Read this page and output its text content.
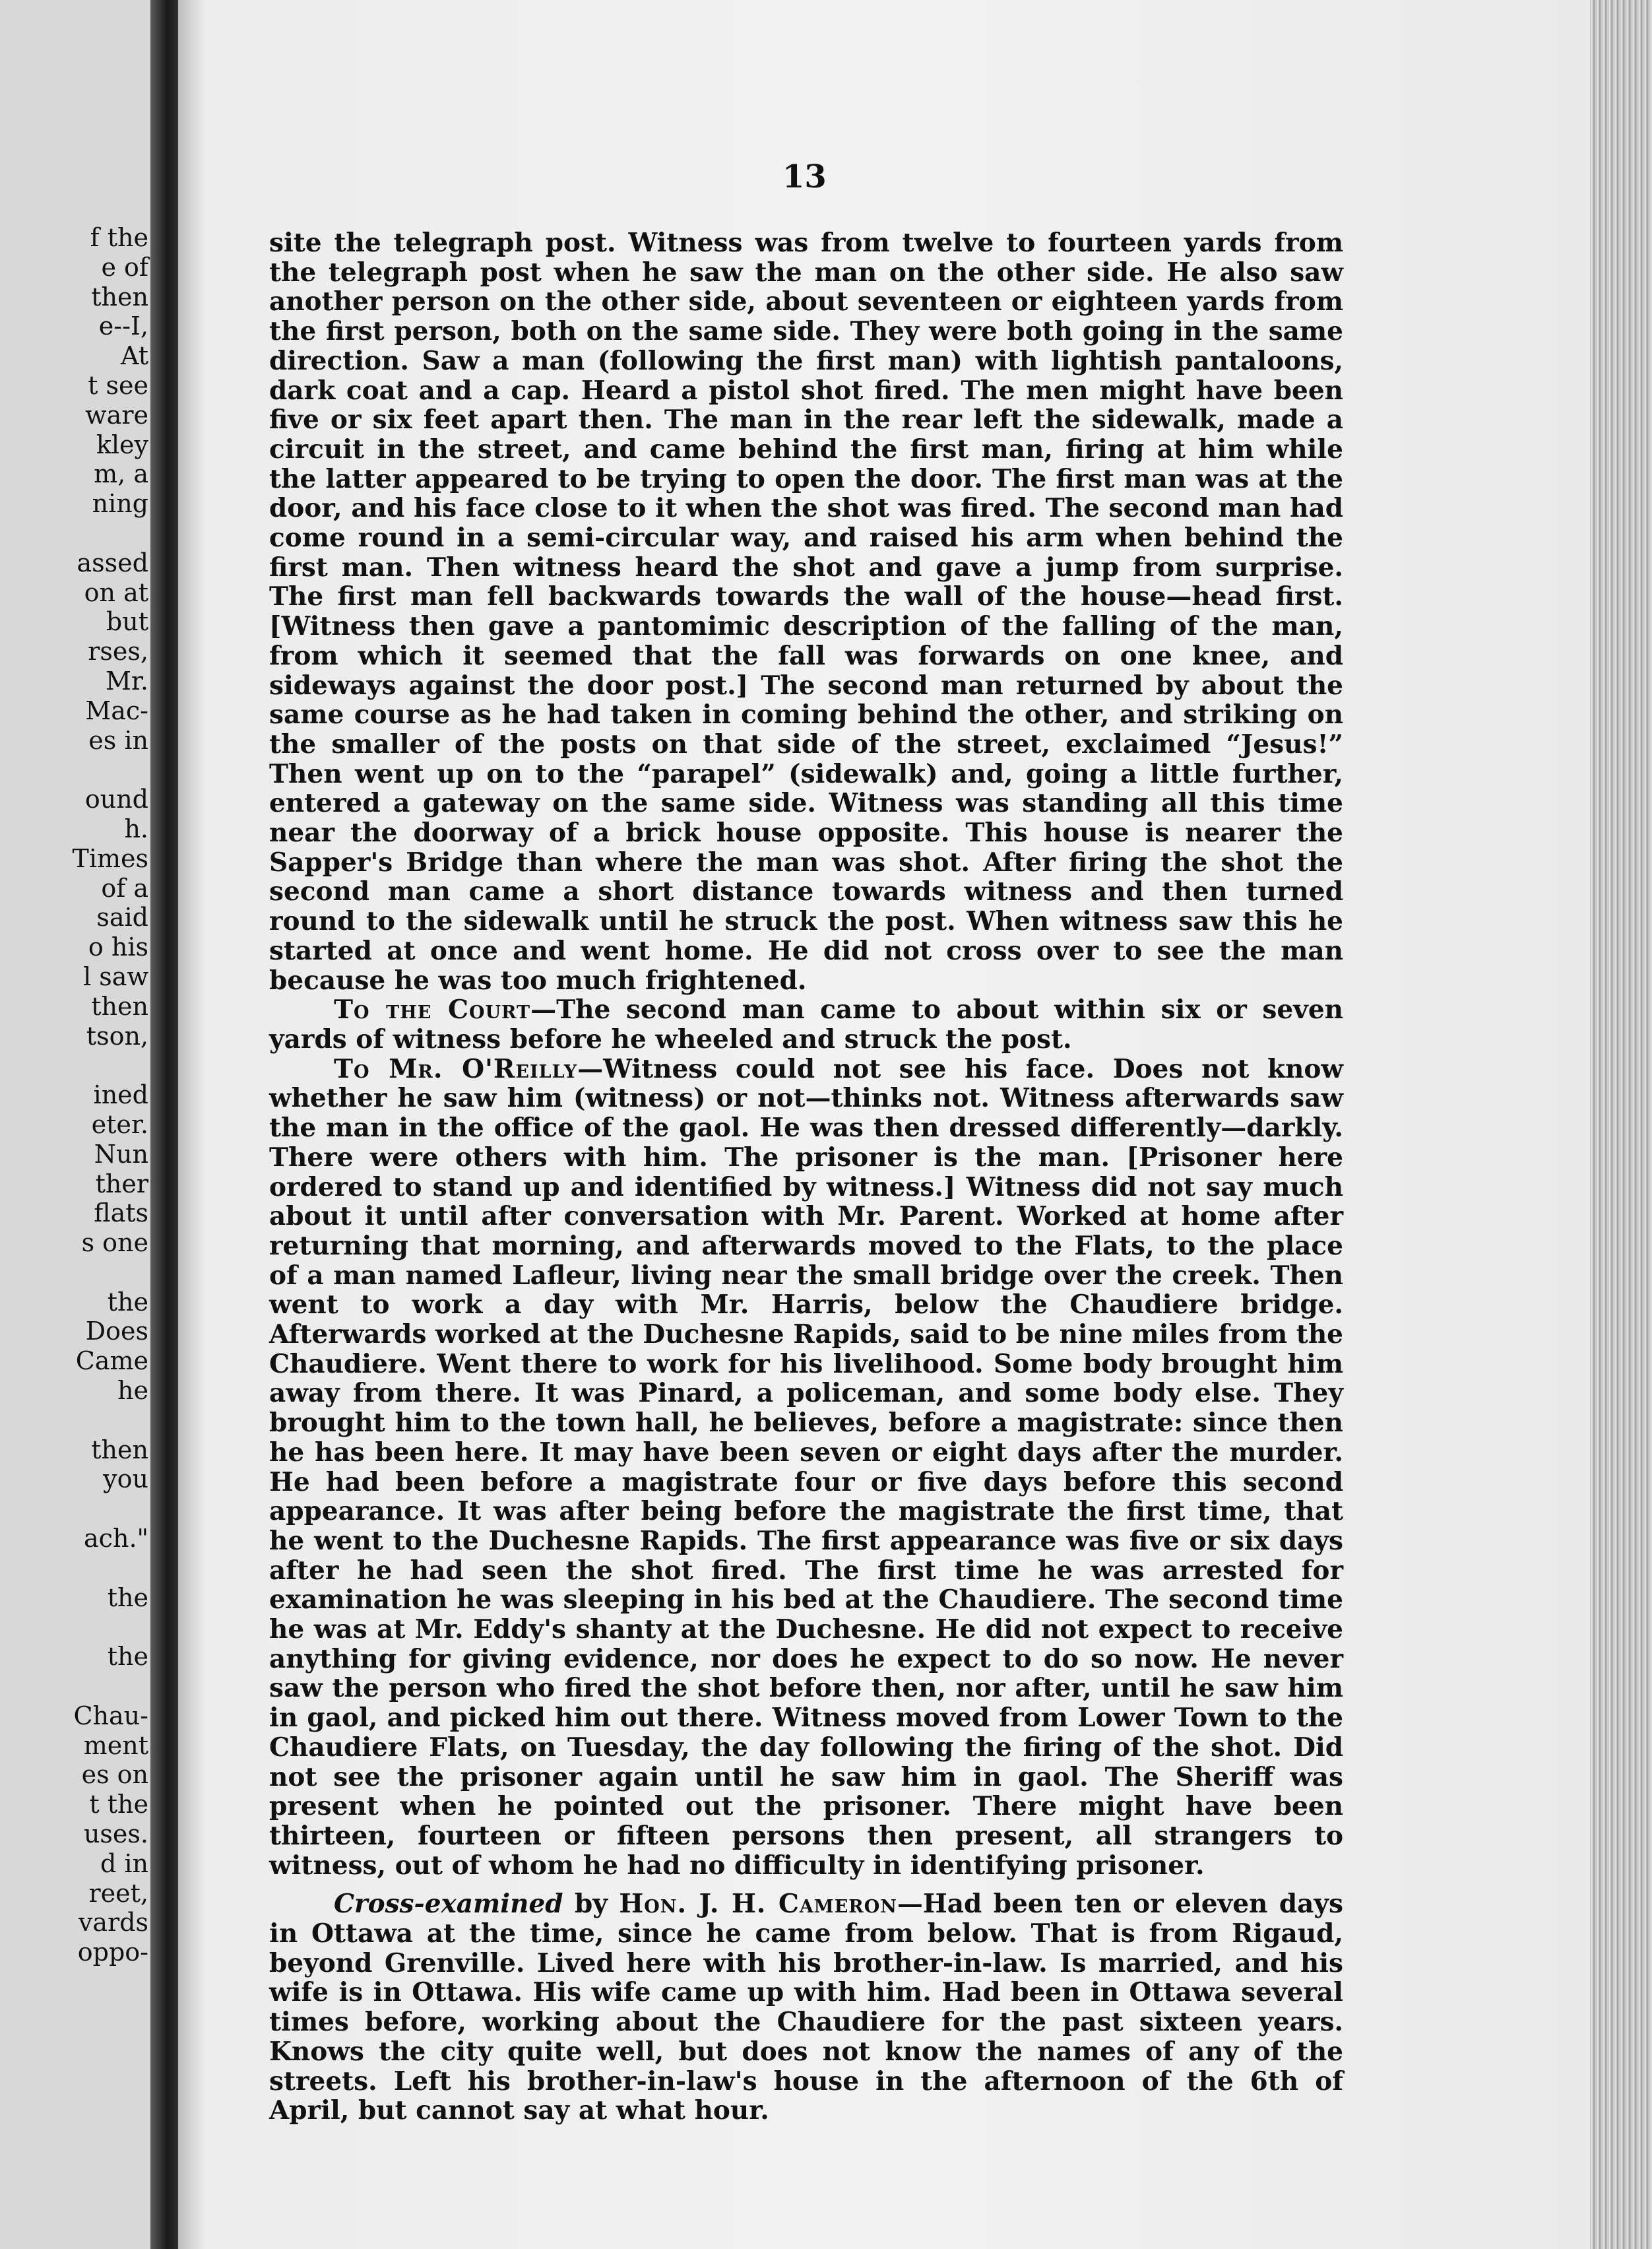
f the
e of
then
e--I,
At
t see
ware
kley
m, a
ning
assed
on at
but
rses,
Mr.
Mac-
es in
ound
h.
Times
of a
said
o his
l saw
then
tson,
ined
eter.
Nun
ther
flats
s one
the
Does
Came
he
then
you
ach."
the
the
Chau-
ment
es on
t the
uses.
d in
reet,
vards
oppo-
13

site the telegraph post. Witness was from twelve to fourteen yards from the telegraph post when he saw the man on the other side. He also saw another person on the other side, about seventeen or eighteen yards from the first person, both on the same side. They were both going in the same direction. Saw a man (following the first man) with lightish pantaloons, dark coat and a cap. Heard a pistol shot fired. The men might have been five or six feet apart then. The man in the rear left the sidewalk, made a circuit in the street, and came behind the first man, firing at him while the latter appeared to be trying to open the door. The first man was at the door, and his face close to it when the shot was fired. The second man had come round in a semi-circular way, and raised his arm when behind the first man. Then witness heard the shot and gave a jump from surprise. The first man fell backwards towards the wall of the house—head first. [Witness then gave a pantomimic description of the falling of the man, from which it seemed that the fall was forwards on one knee, and sideways against the door post.] The second man returned by about the same course as he had taken in coming behind the other, and striking on the smaller of the posts on that side of the street, exclaimed “Jesus!” Then went up on to the “parapel” (sidewalk) and, going a little further, entered a gateway on the same side. Witness was standing all this time near the doorway of a brick house opposite. This house is nearer the Sapper's Bridge than where the man was shot. After firing the shot the second man came a short distance towards witness and then turned round to the sidewalk until he struck the post. When witness saw this he started at once and went home. He did not cross over to see the man because he was too much frightened.

To the Court—The second man came to about within six or seven yards of witness before he wheeled and struck the post.

To Mr. O'Reilly—Witness could not see his face. Does not know whether he saw him (witness) or not—thinks not. Witness afterwards saw the man in the office of the gaol. He was then dressed differently—darkly. There were others with him. The prisoner is the man. [Prisoner here ordered to stand up and identified by witness.] Witness did not say much about it until after conversation with Mr. Parent. Worked at home after returning that morning, and afterwards moved to the Flats, to the place of a man named Lafleur, living near the small bridge over the creek. Then went to work a day with Mr. Harris, below the Chaudiere bridge. Afterwards worked at the Duchesne Rapids, said to be nine miles from the Chaudiere. Went there to work for his livelihood. Some body brought him away from there. It was Pinard, a policeman, and some body else. They brought him to the town hall, he believes, before a magistrate: since then he has been here. It may have been seven or eight days after the murder. He had been before a magistrate four or five days before this second appearance. It was after being before the magistrate the first time, that he went to the Duchesne Rapids. The first appearance was five or six days after he had seen the shot fired. The first time he was arrested for examination he was sleeping in his bed at the Chaudiere. The second time he was at Mr. Eddy's shanty at the Duchesne. He did not expect to receive anything for giving evidence, nor does he expect to do so now. He never saw the person who fired the shot before then, nor after, until he saw him in gaol, and picked him out there. Witness moved from Lower Town to the Chaudiere Flats, on Tuesday, the day following the firing of the shot. Did not see the prisoner again until he saw him in gaol. The Sheriff was present when he pointed out the prisoner. There might have been thirteen, fourteen or fifteen persons then present, all strangers to witness, out of whom he had no difficulty in identifying prisoner.

Cross-examined by Hon. J. H. Cameron—Had been ten or eleven days in Ottawa at the time, since he came from below. That is from Rigaud, beyond Grenville. Lived here with his brother-in-law. Is married, and his wife is in Ottawa. His wife came up with him. Had been in Ottawa several times before, working about the Chaudiere for the past sixteen years. Knows the city quite well, but does not know the names of any of the streets. Left his brother-in-law's house in the afternoon of the 6th of April, but cannot say at what hour.
